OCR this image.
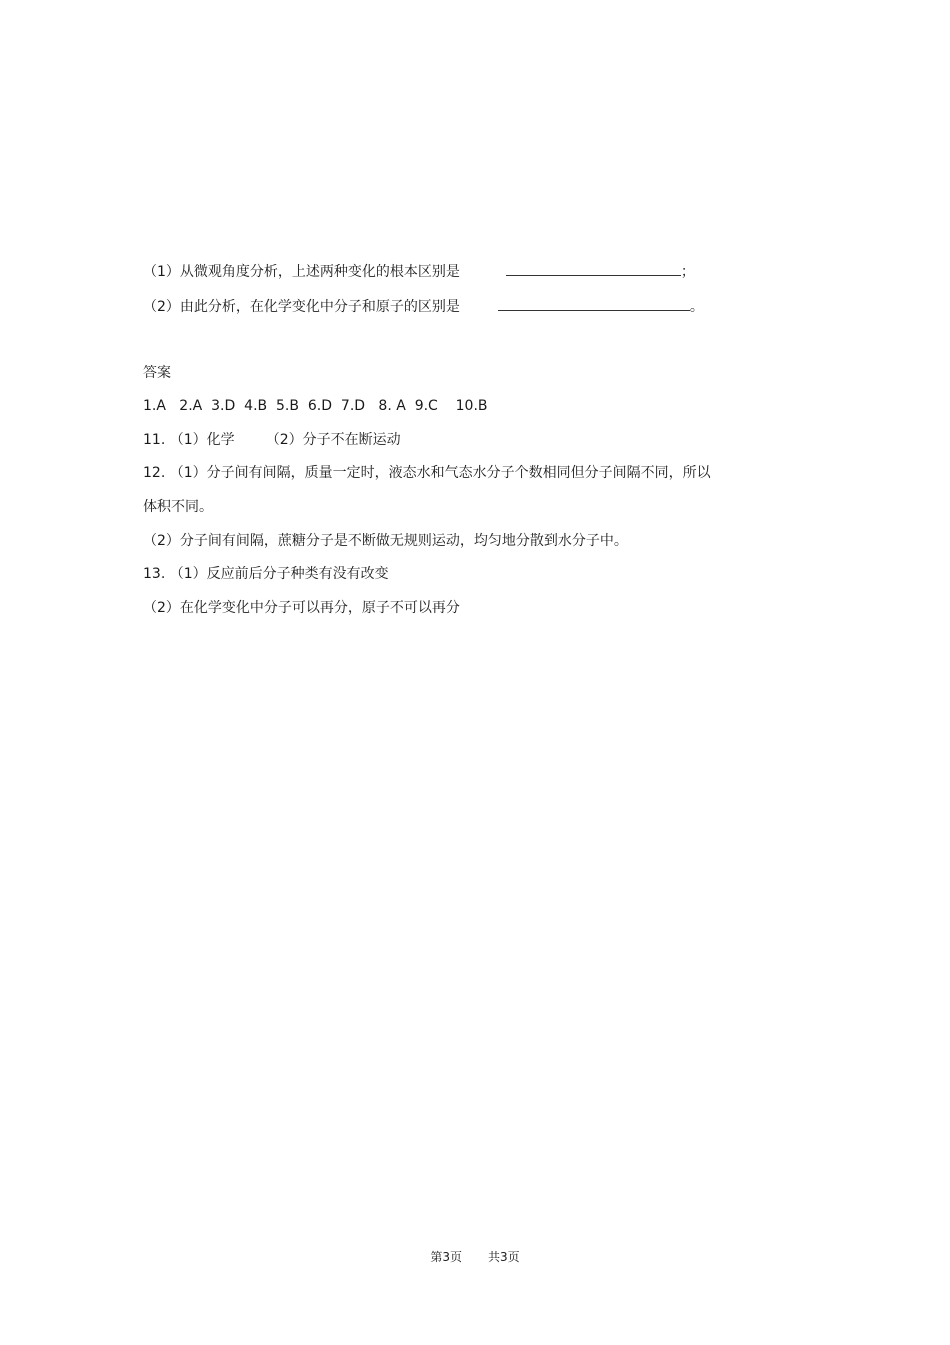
（1）从微观角度分析，上述两种变化的根本区别是	；
（2）由此分析，在化学变化中分子和原子的区别是	。
答案
1.A   2.A  3.D  4.B  5.B  6.D  7.D   8. A  9.C    10.B
11. （1）化学       （2）分子不在断运动
12. （1）分子间有间隔，质量一定时，液态水和气态水分子个数相同但分子间隔不同，所以
体积不同。
（2）分子间有间隔，蔗糖分子是不断做无规则运动，均匀地分散到水分子中。
13. （1）反应前后分子种类有没有改变
（2）在化学变化中分子可以再分，原子不可以再分
第3页 共3页
